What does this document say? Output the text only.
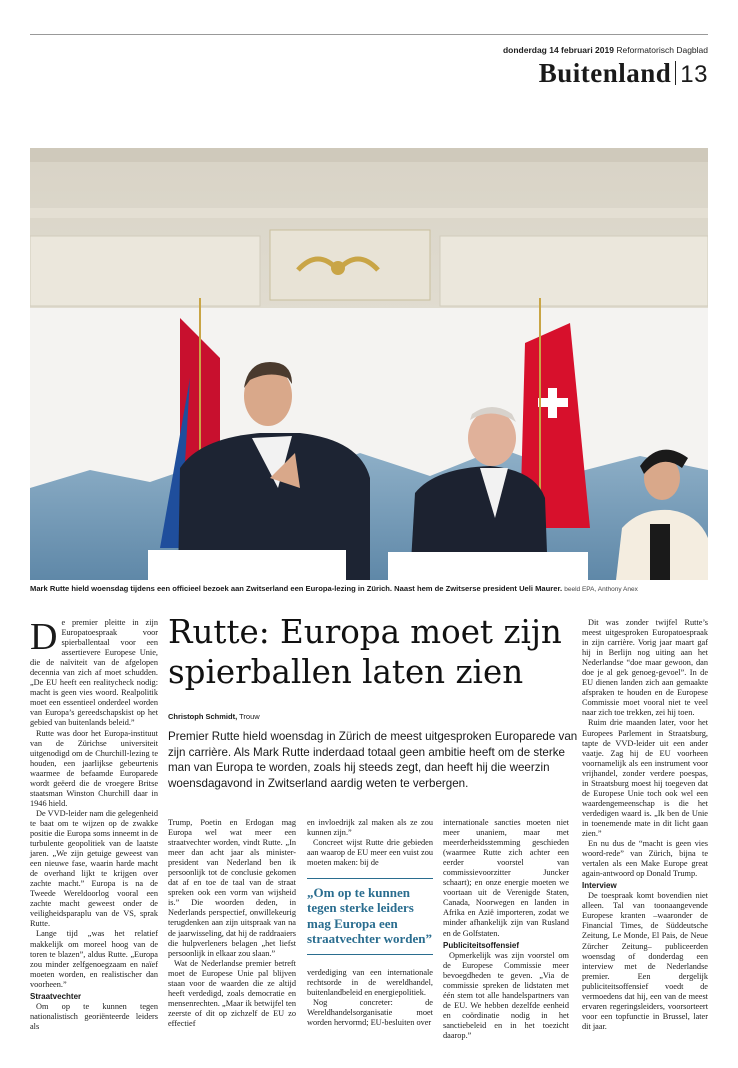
donderdag 14 februari 2019 Reformatorisch Dagblad
Buitenland 13
Mark Rutte hield woensdag tijdens een officieel bezoek aan Zwitserland een Europa-lezing in Zürich. Naast hem de Zwitserse president Ueli Maurer. beeld EPA, Anthony Anex

De premier pleitte in zijn Europatoespraak voor spierballentaal voor een assertievere Europese Unie, die de naïviteit van de afgelopen decennia van zich af moet schudden. „De EU heeft een realitycheck nodig: macht is geen vies woord. Realpolitik moet een essentieel onderdeel worden van Europa’s gereedschapskist op het gebied van buitenlands beleid.”

Rutte was door het Europa-instituut van de Zürichse universiteit uitgenodigd om de Churchill-lezing te houden, een jaarlijkse gebeurtenis waarmee de befaamde Europarede wordt geëerd die de vroegere Britse staatsman Winston Churchill daar in 1946 hield.

De VVD-leider nam die gelegenheid te baat om te wijzen op de zwakke positie die Europa soms inneemt in de turbulente geopolitiek van de laatste jaren. „We zijn getuige geweest van een nieuwe fase, waarin harde macht de overhand lijkt te krijgen over zachte macht.” Europa is na de Tweede Wereldoorlog vooral een zachte macht geweest onder de veiligheidsparaplu van de VS, sprak Rutte.

Lange tijd „was het relatief makkelijk om moreel hoog van de toren te blazen”, aldus Rutte. „Europa zou minder zelfgenoegzaam en naïef moeten worden, en realistischer dan voorheen.”

Straatvechter

Om op te kunnen tegen nationalistisch georiënteerde leiders als

Rutte: Europa moet zijn spierballen laten zien
Christoph Schmidt, Trouw
Premier Rutte hield woensdag in Zürich de meest uitgesproken Europarede van zijn carrière. Als Mark Rutte inderdaad totaal geen ambitie heeft om de sterke man van Europa te worden, zoals hij steeds zegt, dan heeft hij die weerzin woensdagavond in Zwitserland aardig weten te verbergen.

Trump, Poetin en Erdogan mag Europa wel wat meer een straatvechter worden, vindt Rutte. „In meer dan acht jaar als minister-president van Nederland ben ik persoonlijk tot de conclusie gekomen dat af en toe de taal van de straat spreken ook een vorm van wijsheid is.” Die woorden deden, in Nederlands perspectief, onwillekeurig terugdenken aan zijn uitspraak van na de jaarwisseling, dat hij de raddraaiers die hulpverleners belagen „het liefst persoonlijk in elkaar zou slaan.”

Wat de Nederlandse premier betreft moet de Europese Unie pal blijven staan voor de waarden die ze altijd heeft verdedigd, zoals democratie en mensenrechten. „Maar ik betwijfel ten zeerste of dit op zichzelf de EU zo effectief

en invloedrijk zal maken als ze zou kunnen zijn.”

Concreet wijst Rutte drie gebieden aan waarop de EU meer een vuist zou moeten maken: bij de

„Om op te kunnen tegen sterke leiders mag Europa een straatvechter worden”

verdediging van een internationale rechtsorde in de wereldhandel, buitenlandbeleid en energiepolitiek.

Nog concreter: de Wereldhandelsorganisatie moet worden hervormd; EU-besluiten over

internationale sancties moeten niet meer unaniem, maar met meerderheidsstemming geschieden (waarmee Rutte zich achter een eerder voorstel van commissievoorzitter Juncker schaart); en onze energie moeten we voortaan uit de Verenigde Staten, Canada, Noorwegen en landen in Afrika en Azië importeren, zodat we minder afhankelijk zijn van Rusland en de Golfstaten.

Publiciteitsoffensief

Opmerkelijk was zijn voorstel om de Europese Commissie meer bevoegdheden te geven. „Via de commissie spreken de lidstaten met één stem tot alle handelspartners van de EU. We hebben dezelfde eenheid en coördinatie nodig in het sanctiebeleid en in het toezicht daarop.”

Dit was zonder twijfel Rutte’s meest uitgesproken Europatoespraak in zijn carrière. Vorig jaar maart gaf hij in Berlijn nog uiting aan het Nederlandse “doe maar gewoon, dan doe je al gek genoeg-gevoel”. In de EU dienen landen zich aan gemaakte afspraken te houden en de Europese Commissie moet vooral niet te veel naar zich toe trekken, zei hij toen.

Ruim drie maanden later, voor het Europees Parlement in Straatsburg, tapte de VVD-leider uit een ander vaatje. Zag hij de EU voorheen voornamelijk als een instrument voor vrijhandel, zonder verdere poespas, in Straatsburg moest hij toegeven dat de Europese Unie toch ook wel een waardengemeenschap is die het verdedigen waard is. „Ik ben de Unie in toenemende mate in dit licht gaan zien.”

En nu dus de “macht is geen vies woord-rede” van Zürich, bijna te vertalen als een Make Europe great again-antwoord op Donald Trump.

Interview

De toespraak komt bovendien niet alleen. Tal van toonaangevende Europese kranten –waaronder de Financial Times, de Süddeutsche Zeitung, Le Monde, El Pais, de Neue Zürcher Zeitung– publiceerden woensdag of donderdag een interview met de Nederlandse premier. Een dergelijk publiciteitsoffensief voedt de vermoedens dat hij, een van de meest ervaren regeringsleiders, voorsorteert voor een topfunctie in Brussel, later dit jaar.
